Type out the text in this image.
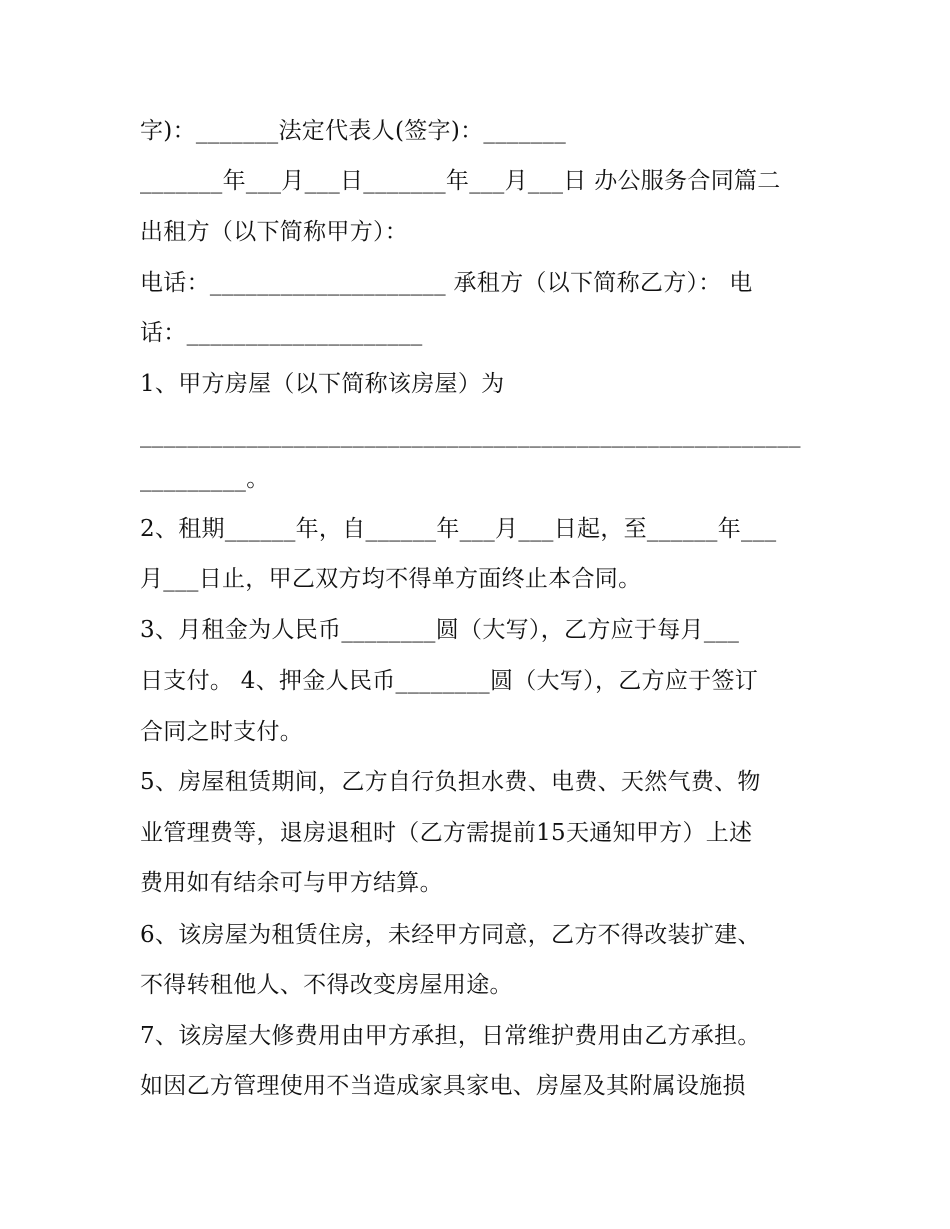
字)：_______法定代表人(签字)：_______
_______年___月___日_______年___月___日 办公服务合同篇二
出租方（以下简称甲方）：
电话：____________________ 承租方（以下简称乙方）： 电
话：____________________
1、甲方房屋（以下简称该房屋）为
________________________________________________________
_________。
2、租期______年，自______年___月___日起，至______年___
月___日止，甲乙双方均不得单方面终止本合同。
3、月租金为人民币________圆（大写），乙方应于每月___
日支付。 4、押金人民币________圆（大写），乙方应于签订
合同之时支付。
5、房屋租赁期间，乙方自行负担水费、电费、天然气费、物
业管理费等，退房退租时（乙方需提前15天通知甲方）上述
费用如有结余可与甲方结算。
6、该房屋为租赁住房，未经甲方同意，乙方不得改装扩建、
不得转租他人、不得改变房屋用途。
7、该房屋大修费用由甲方承担，日常维护费用由乙方承担。
如因乙方管理使用不当造成家具家电、房屋及其附属设施损
